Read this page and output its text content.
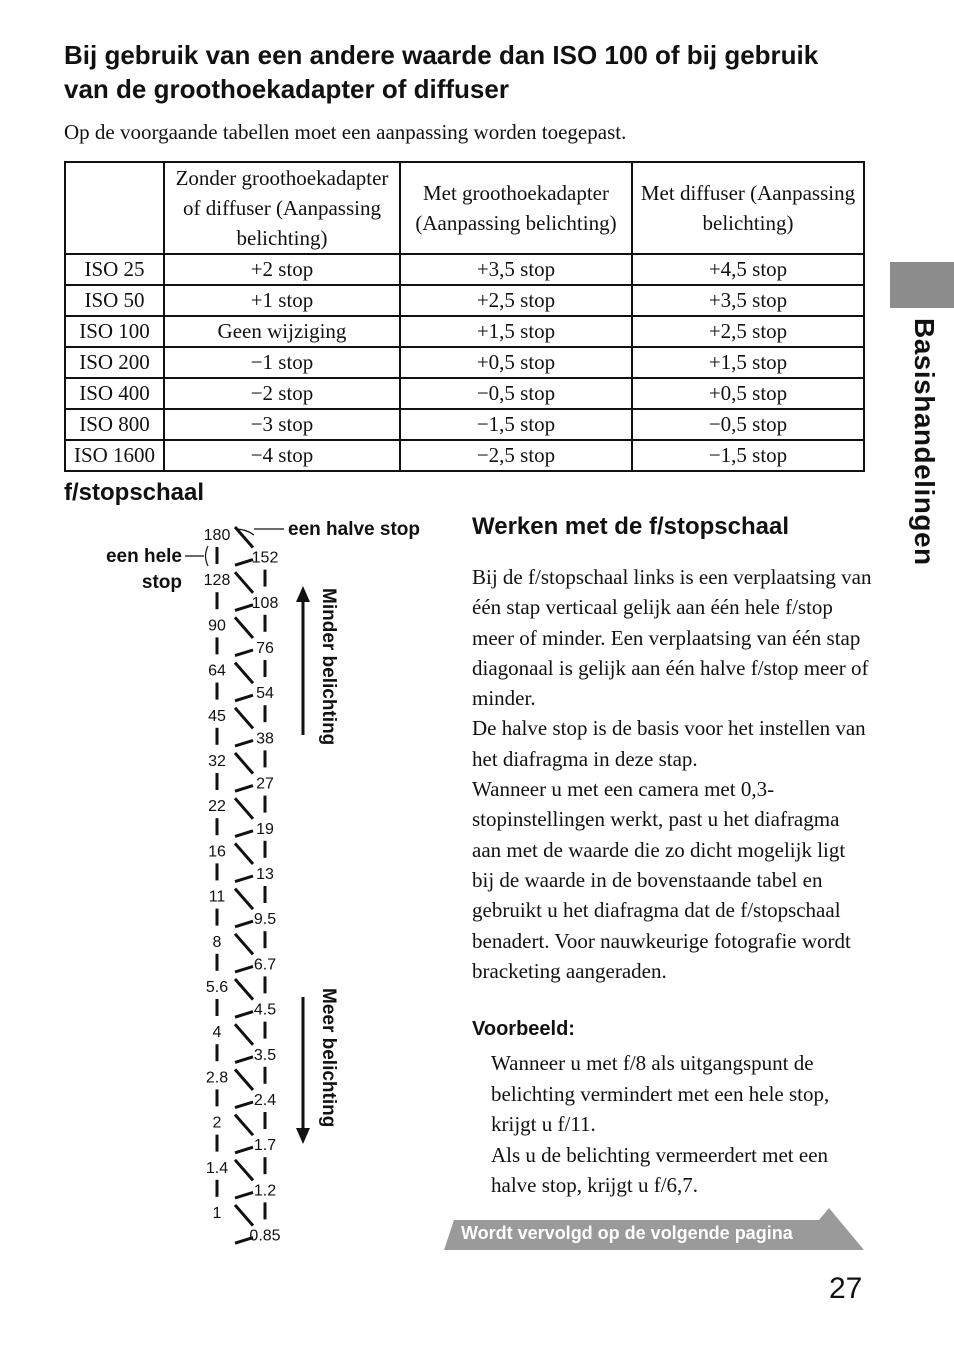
Bij gebruik van een andere waarde dan ISO 100 of bij gebruik van de groothoekadapter of diffuser

Op de voorgaande tabellen moet een aanpassing worden toegepast.

	Zonder groothoekadapter of diffuser (Aanpassing belichting)	Met groothoekadapter (Aanpassing belichting)	Met diffuser (Aanpassing belichting)
ISO 25	+2 stop	+3,5 stop	+4,5 stop
ISO 50	+1 stop	+2,5 stop	+3,5 stop
ISO 100	Geen wijziging	+1,5 stop	+2,5 stop
ISO 200	−1 stop	+0,5 stop	+1,5 stop
ISO 400	−2 stop	−0,5 stop	+0,5 stop
ISO 800	−3 stop	−1,5 stop	−0,5 stop
ISO 1600	−4 stop	−2,5 stop	−1,5 stop	Basishandelingen
f/stopschaal
180
152
128
108
90
76
64
54
45
38
32
27
22
19
16
13
11
9.5
8
6.7
5.6
4.5
4
3.5
2.8
2.4
2
1.7
1.4
1.2
1
0.85
een halve stop
een hele
stop
Minder belichting
Meer belichting
Werken met de f/stopschaal

Bij de f/stopschaal links is een verplaatsing van één stap verticaal gelijk aan één hele f/stop meer of minder. Een verplaatsing van één stap diagonaal is gelijk aan één halve f/stop meer of minder.

De halve stop is de basis voor het instellen van het diafragma in deze stap.

Wanneer u met een camera met 0,3-stopinstellingen werkt, past u het diafragma aan met de waarde die zo dicht mogelijk ligt bij de waarde in de bovenstaande tabel en gebruikt u het diafragma dat de f/stopschaal benadert. Voor nauwkeurige fotografie wordt bracketing aangeraden.

Voorbeeld:

Wanneer u met f/8 als uitgangspunt de belichting vermindert met een hele stop, krijgt u f/11.

Als u de belichting vermeerdert met een halve stop, krijgt u f/6,7.

Wordt vervolgd op de volgende pagina
27
